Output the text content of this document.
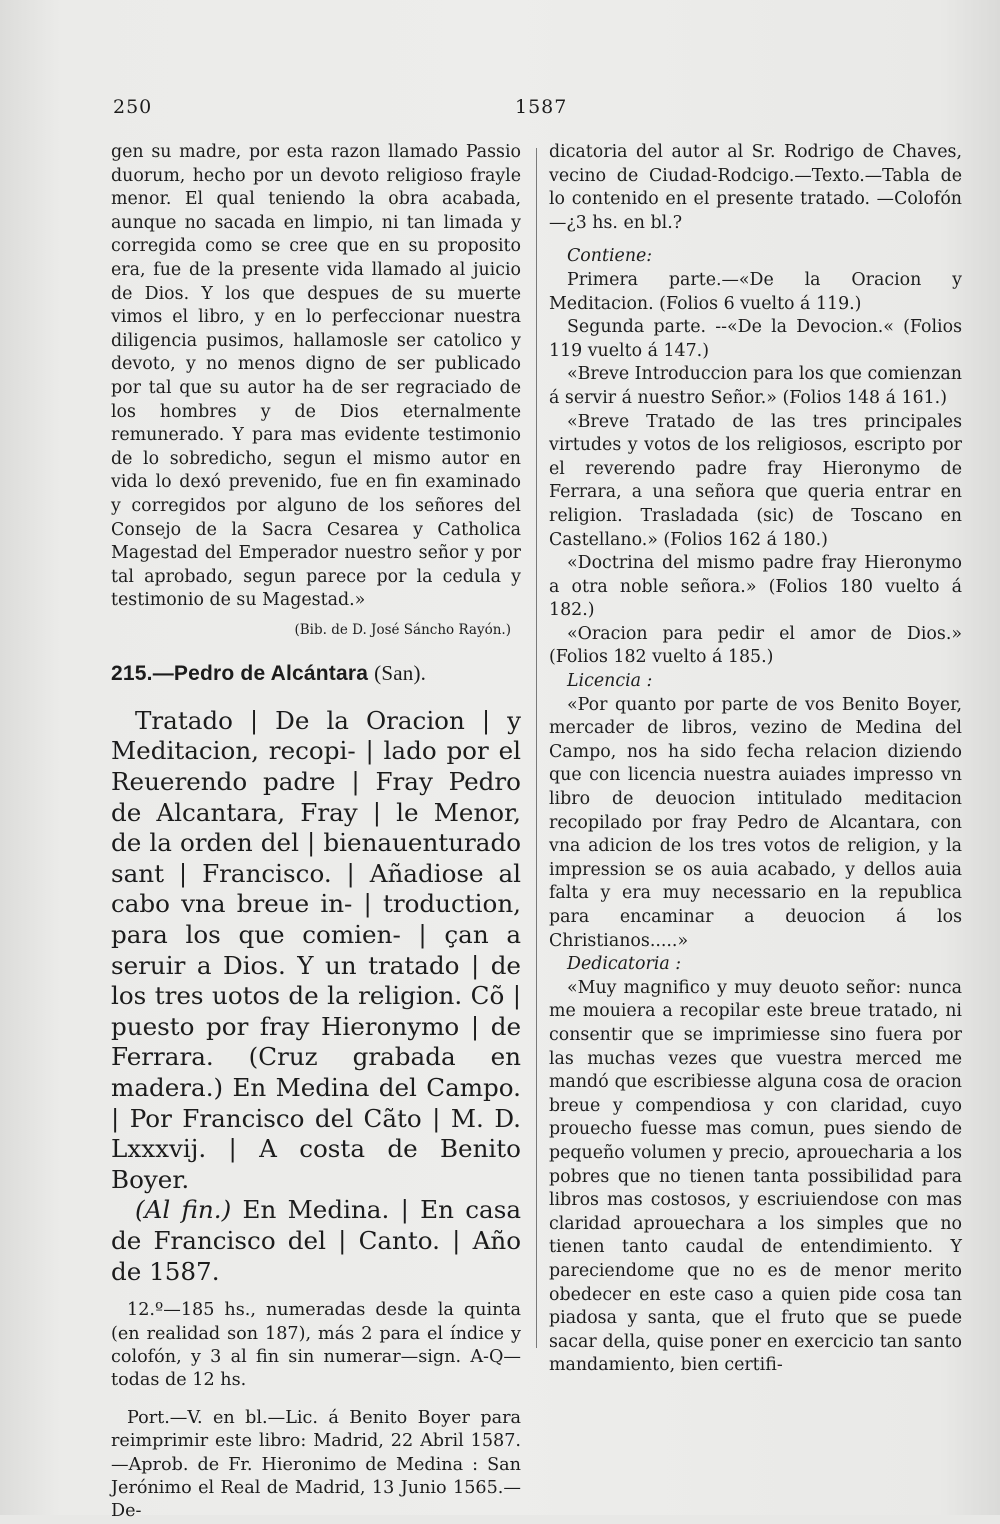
250	1587

gen su madre, por esta razon llamado Passio duorum, hecho por un devoto religioso frayle menor. El qual teniendo la obra acabada, aunque no sacada en limpio, ni tan limada y corregida como se cree que en su proposito era, fue de la presente vida llamado al juicio de Dios. Y los que despues de su muerte vimos el libro, y en lo perfeccionar nuestra diligencia pusimos, hallamosle ser catolico y devoto, y no menos digno de ser publicado por tal que su autor ha de ser regraciado de los hombres y de Dios eternalmente remunerado. Y para mas evidente testimonio de lo sobredicho, segun el mismo autor en vida lo dexó prevenido, fue en fin examinado y corregidos por alguno de los señores del Consejo de la Sacra Cesarea y Catholica Magestad del Emperador nuestro señor y por tal aprobado, segun parece por la cedula y testimonio de su Magestad.»

(Bib. de D. José Sáncho Rayón.)

215.—Pedro de Alcántara (San).

Tratado | De la Oracion | y Meditacion, recopi- | lado por el Reuerendo padre | Fray Pedro de Alcantara, Fray | le Menor, de la orden del | bienauenturado sant | Francisco. | Añadiose al cabo vna breue in- | troduction, para los que comien- | çan a seruir a Dios. Y un tratado | de los tres uotos de la religion. Cõ | puesto por fray Hieronymo | de Ferrara. (Cruz grabada en madera.) En Medina del Campo. | Por Francisco del Cãto | M. D. Lxxxvij. | A costa de Benito Boyer.

(Al fin.) En Medina. | En casa de Francisco del | Canto. | Año de 1587.

12.º—185 hs., numeradas desde la quinta (en realidad son 187), más 2 para el índice y colofón, y 3 al fin sin numerar—sign. A-Q—todas de 12 hs.

Port.—V. en bl.—Lic. á Benito Boyer para reimprimir este libro: Madrid, 22 Abril 1587.—Aprob. de Fr. Hieronimo de Medina : San Jerónimo el Real de Madrid, 13 Junio 1565.—De-

dicatoria del autor al Sr. Rodrigo de Chaves, vecino de Ciudad-Rodcigo.—Texto.—Tabla de lo contenido en el presente tratado. —Colofón—¿3 hs. en bl.?

Contiene:

Primera parte.—«De la Oracion y Meditacion. (Folios 6 vuelto á 119.)

Segunda parte. --«De la Devocion.« (Folios 119 vuelto á 147.)

«Breve Introduccion para los que comienzan á servir á nuestro Señor.» (Folios 148 á 161.)

«Breve Tratado de las tres principales virtudes y votos de los religiosos, escripto por el reverendo padre fray Hieronymo de Ferrara, a una señora que queria entrar en religion. Trasladada (sic) de Toscano en Castellano.» (Folios 162 á 180.)

«Doctrina del mismo padre fray Hieronymo a otra noble señora.» (Folios 180 vuelto á 182.)

«Oracion para pedir el amor de Dios.» (Folios 182 vuelto á 185.)

Licencia :

«Por quanto por parte de vos Benito Boyer, mercader de libros, vezino de Medina del Campo, nos ha sido fecha relacion diziendo que con licencia nuestra auiades impresso vn libro de deuocion intitulado meditacion recopilado por fray Pedro de Alcantara, con vna adicion de los tres votos de religion, y la impression se os auia acabado, y dellos auia falta y era muy necessario en la republica para encaminar a deuocion á los Christianos.....»

Dedicatoria :

«Muy magnifico y muy deuoto señor: nunca me mouiera a recopilar este breue tratado, ni consentir que se imprimiesse sino fuera por las muchas vezes que vuestra merced me mandó que escribiesse alguna cosa de oracion breue y compendiosa y con claridad, cuyo prouecho fuesse mas comun, pues siendo de pequeño volumen y precio, aprouecharia a los pobres que no tienen tanta possibilidad para libros mas costosos, y escriuiendose con mas claridad aprouechara a los simples que no tienen tanto caudal de entendimiento. Y pareciendome que no es de menor merito obedecer en este caso a quien pide cosa tan piadosa y santa, que el fruto que se puede sacar della, quise poner en exercicio tan santo mandamiento, bien certifi-
